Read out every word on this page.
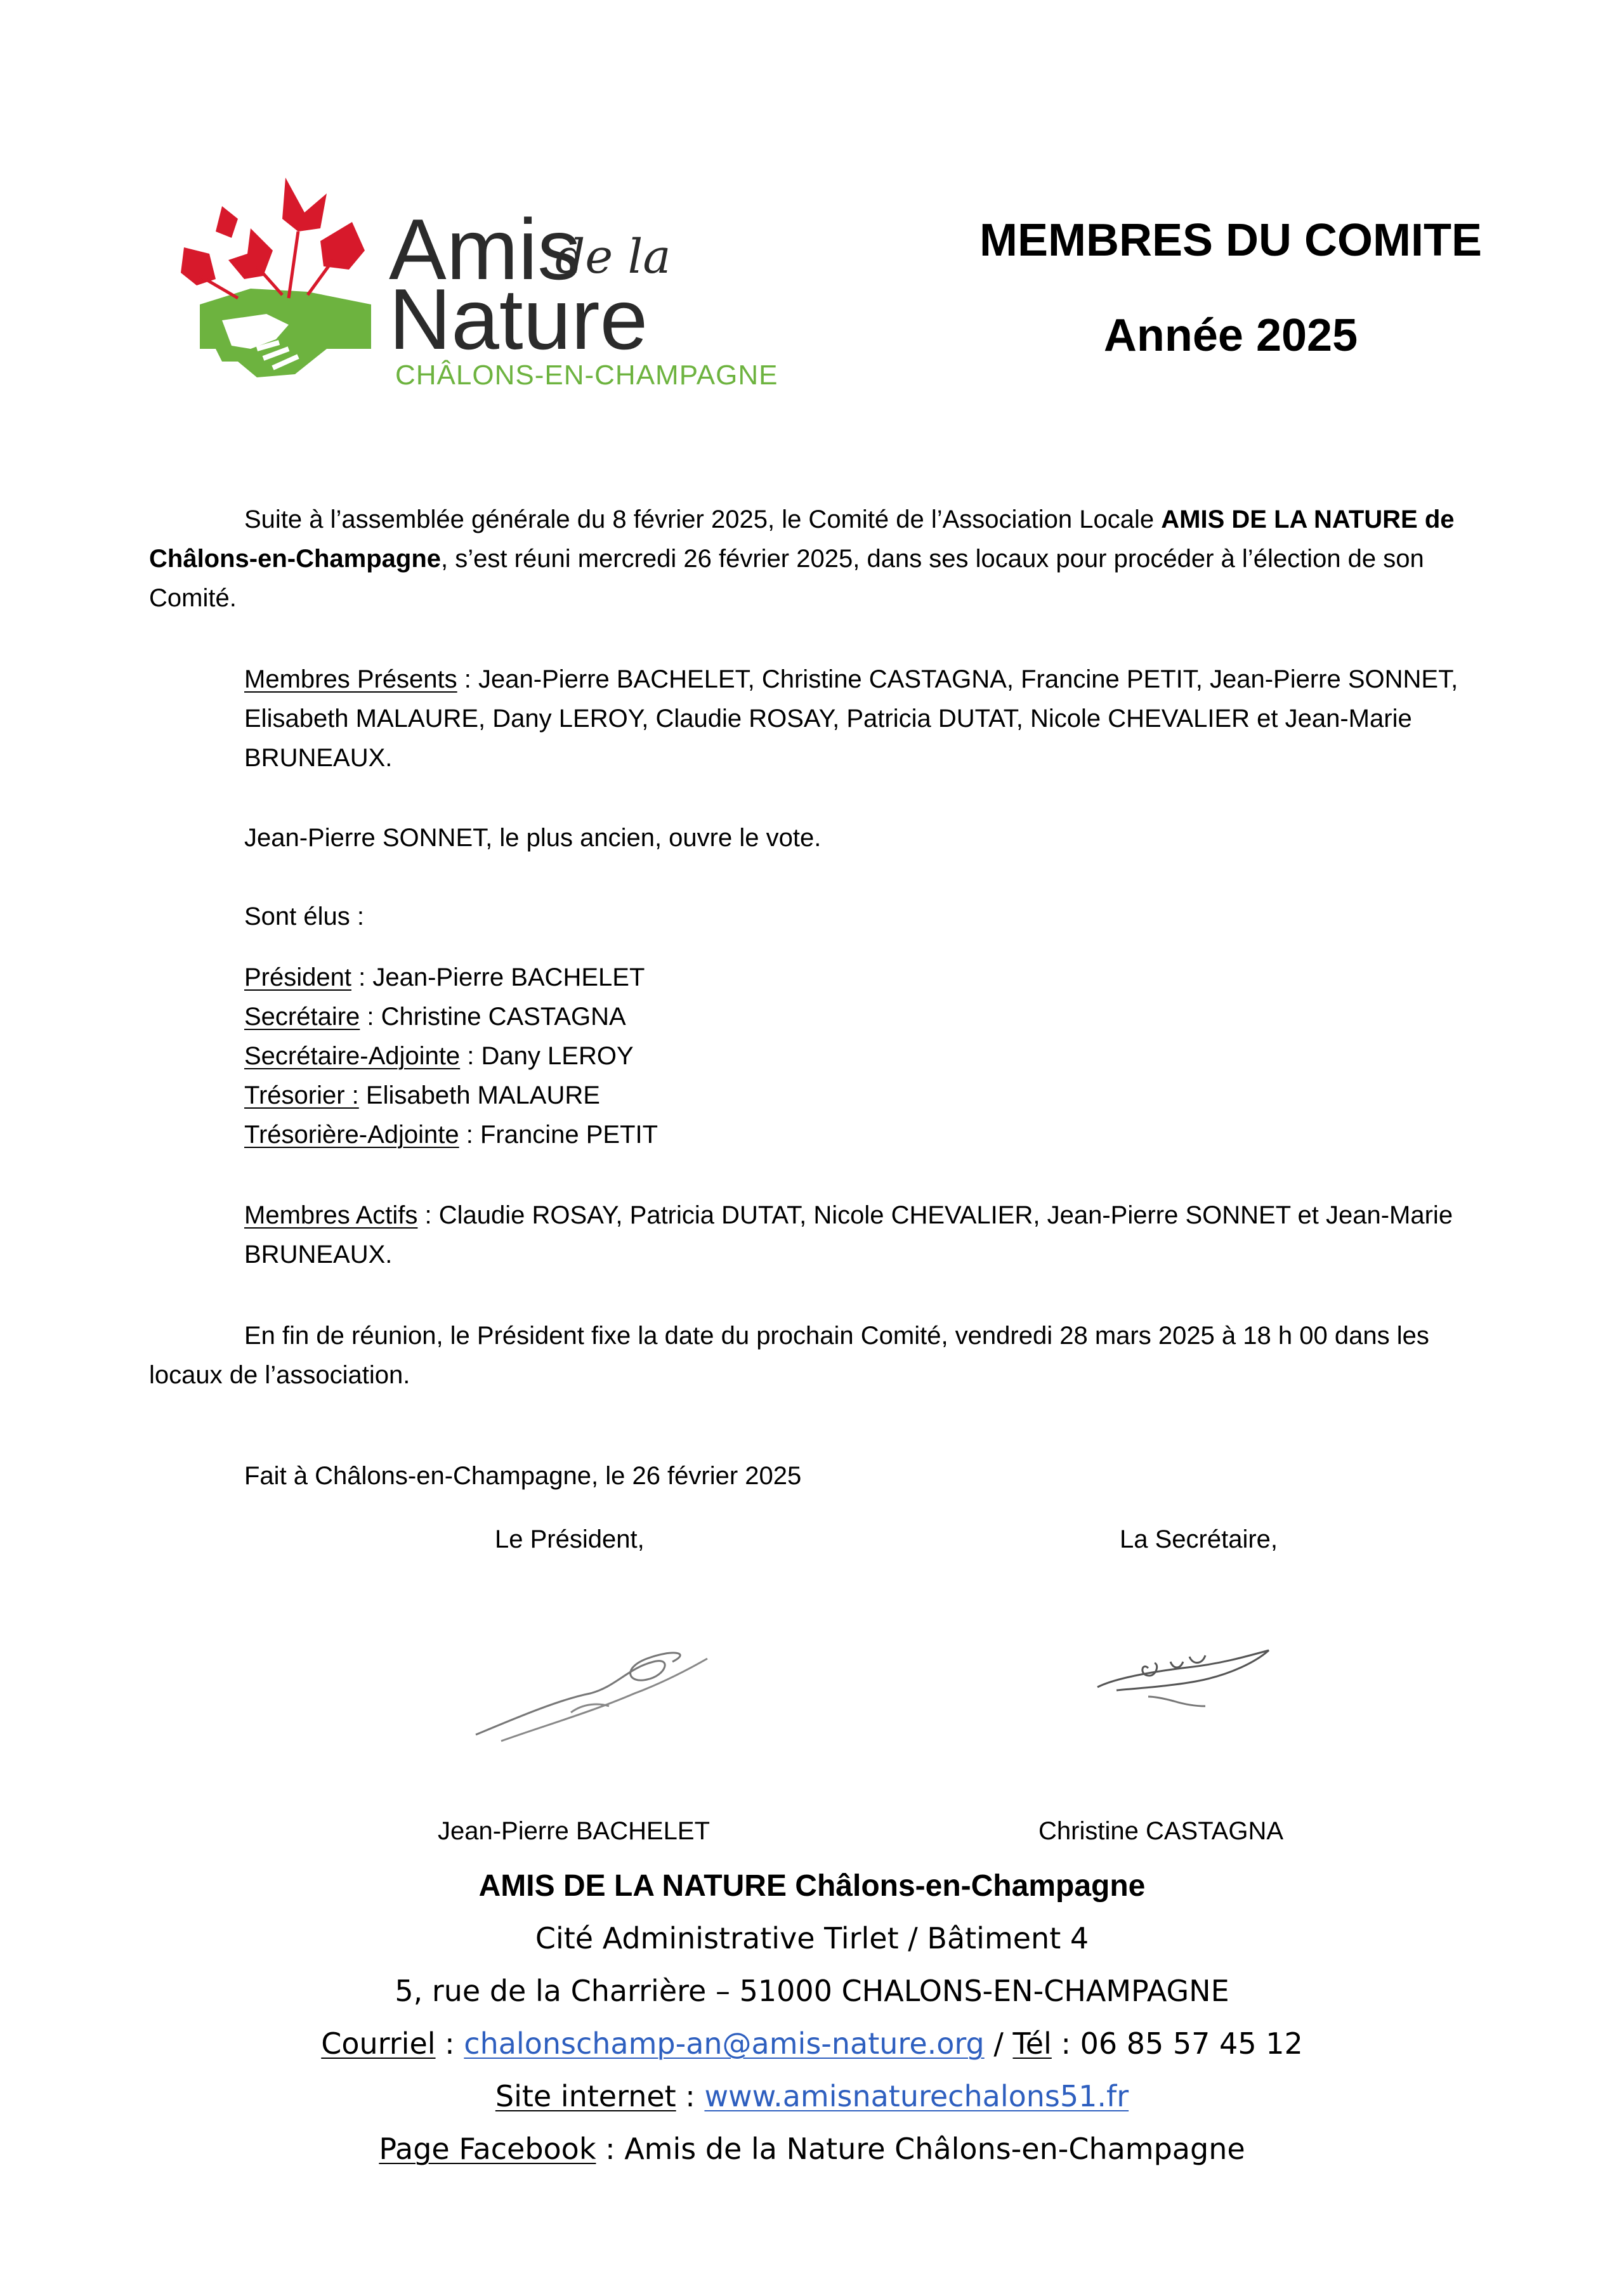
Amis
de la
Nature
CHÂLONS-EN-CHAMPAGNE
MEMBRES DU COMITE
Année 2025

Suite à l’assemblée générale du 8 février 2025, le Comité de l’Association Locale AMIS DE LA NATURE de Châlons-en-Champagne, s’est réuni mercredi 26 février 2025, dans ses locaux pour procéder à l’élection de son Comité.

Membres Présents : Jean-Pierre BACHELET, Christine CASTAGNA, Francine PETIT, Jean-Pierre SONNET, Elisabeth MALAURE, Dany LEROY, Claudie ROSAY, Patricia DUTAT, Nicole CHEVALIER et Jean-Marie BRUNEAUX.

Jean-Pierre SONNET, le plus ancien, ouvre le vote.

Sont élus :

Président : Jean-Pierre BACHELET
Secrétaire : Christine CASTAGNA
Secrétaire-Adjointe : Dany LEROY
Trésorier : Elisabeth MALAURE
Trésorière-Adjointe : Francine PETIT

Membres Actifs : Claudie ROSAY, Patricia DUTAT, Nicole CHEVALIER, Jean-Pierre SONNET et Jean-Marie BRUNEAUX.

En fin de réunion, le Président fixe la date du prochain Comité, vendredi 28 mars 2025 à 18 h 00 dans les locaux de l’association.

Fait à Châlons-en-Champagne, le 26 février 2025

Le Président,	La Secrétaire,
Jean-Pierre BACHELET	Christine CASTAGNA
AMIS DE LA NATURE Châlons-en-Champagne
Cité Administrative Tirlet / Bâtiment 4
5, rue de la Charrière – 51000 CHALONS-EN-CHAMPAGNE
Courriel : chalonschamp-an@amis-nature.org / Tél : 06 85 57 45 12
Site internet : www.amisnaturechalons51.fr
Page Facebook : Amis de la Nature Châlons-en-Champagne
